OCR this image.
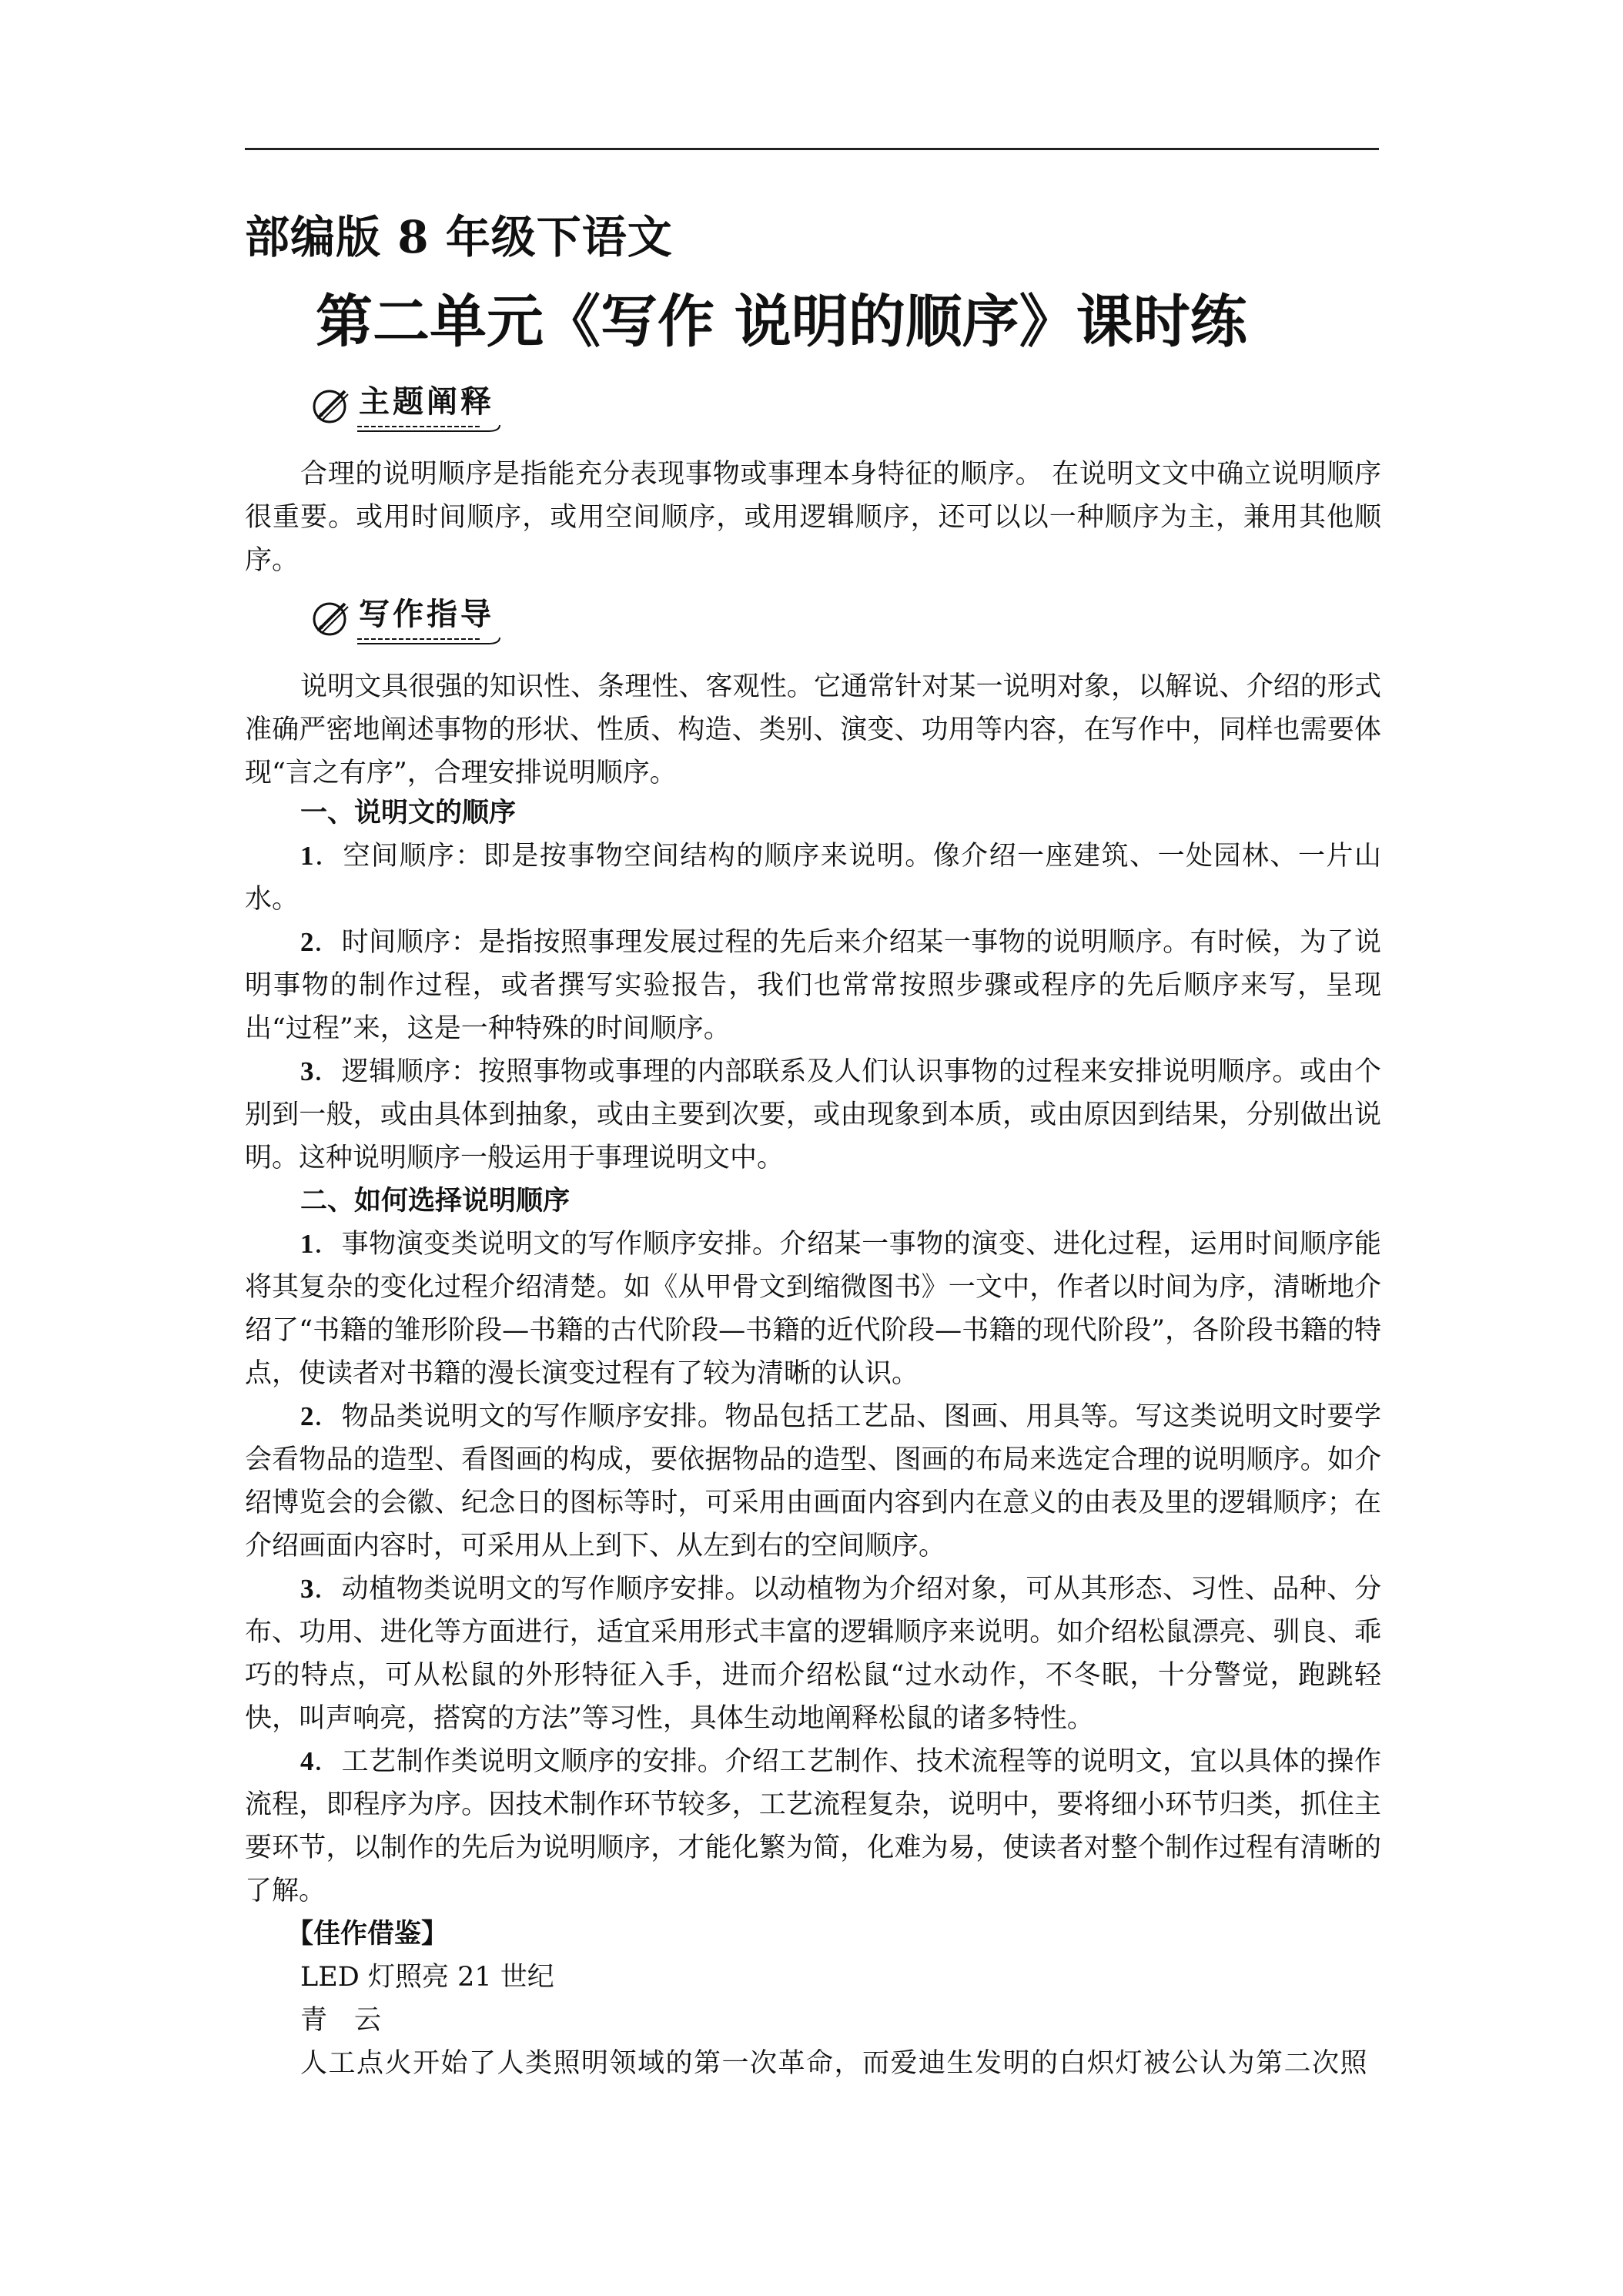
部编版 8 年级下语文
第二单元《写作 说明的顺序》课时练
主题阐释

合理的说明顺序是指能充分表现事物或事理本身特征的顺序。 在说明文文中确立说明顺序很重要。或用时间顺序，或用空间顺序，或用逻辑顺序，还可以以一种顺序为主，兼用其他顺序。

写作指导

说明文具很强的知识性、条理性、客观性。它通常针对某一说明对象，以解说、介绍的形式准确严密地阐述事物的形状、性质、构造、类别、演变、功用等内容，在写作中，同样也需要体现“言之有序”，合理安排说明顺序。

一、说明文的顺序

1．空间顺序：即是按事物空间结构的顺序来说明。像介绍一座建筑、一处园林、一片山水。

2．时间顺序：是指按照事理发展过程的先后来介绍某一事物的说明顺序。有时候，为了说明事物的制作过程，或者撰写实验报告，我们也常常按照步骤或程序的先后顺序来写，呈现出“过程”来，这是一种特殊的时间顺序。

3．逻辑顺序：按照事物或事理的内部联系及人们认识事物的过程来安排说明顺序。或由个别到一般，或由具体到抽象，或由主要到次要，或由现象到本质，或由原因到结果，分别做出说明。这种说明顺序一般运用于事理说明文中。

二、如何选择说明顺序

1．事物演变类说明文的写作顺序安排。介绍某一事物的演变、进化过程，运用时间顺序能将其复杂的变化过程介绍清楚。如《从甲骨文到缩微图书》一文中，作者以时间为序，清晰地介绍了“书籍的雏形阶段—书籍的古代阶段—书籍的近代阶段—书籍的现代阶段”，各阶段书籍的特点，使读者对书籍的漫长演变过程有了较为清晰的认识。

2．物品类说明文的写作顺序安排。物品包括工艺品、图画、用具等。写这类说明文时要学会看物品的造型、看图画的构成，要依据物品的造型、图画的布局来选定合理的说明顺序。如介绍博览会的会徽、纪念日的图标等时，可采用由画面内容到内在意义的由表及里的逻辑顺序；在介绍画面内容时，可采用从上到下、从左到右的空间顺序。

3．动植物类说明文的写作顺序安排。以动植物为介绍对象，可从其形态、习性、品种、分布、功用、进化等方面进行，适宜采用形式丰富的逻辑顺序来说明。如介绍松鼠漂亮、驯良、乖巧的特点，可从松鼠的外形特征入手，进而介绍松鼠“过水动作，不冬眠，十分警觉，跑跳轻快，叫声响亮，搭窝的方法”等习性，具体生动地阐释松鼠的诸多特性。

4．工艺制作类说明文顺序的安排。介绍工艺制作、技术流程等的说明文，宜以具体的操作流程，即程序为序。因技术制作环节较多，工艺流程复杂，说明中，要将细小环节归类，抓住主要环节，以制作的先后为说明顺序，才能化繁为简，化难为易，使读者对整个制作过程有清晰的了解。

【佳作借鉴】
LED 灯照亮 21 世纪
青　云
人工点火开始了人类照明领域的第一次革命，而爱迪生发明的白炽灯被公认为第二次照
